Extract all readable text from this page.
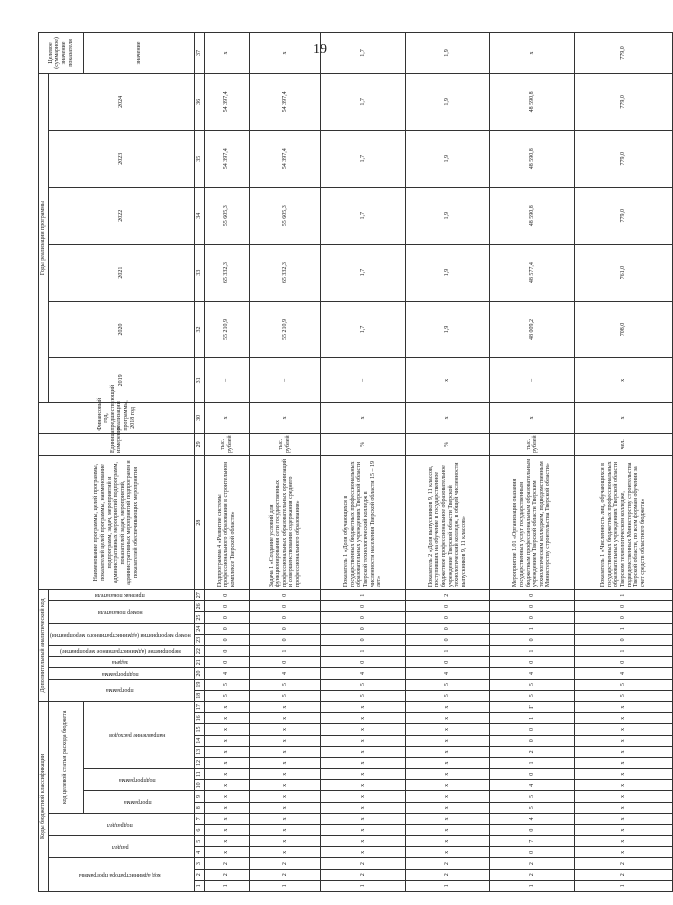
19
Коды бюджетной классификации																	Дополнительный аналитический код										Наименование программы, целей программы, показателей целей программы, наименование подпрограмм, задач, мероприятий и административных мероприятий подпрограмм, показателей задач, мероприятий, административных мероприятий подпрограмм и показателей обеспечивающих мероприятия	Единица измерения	Финансовый год, предшествующий реализации программы, 2018 год	Годы реализации программы						Целевое (суммарное) значение показателя
код администратора программы			раздел		подраздел		код целевой статьи расхода бюджета										программа		подпрограмма	задача	мероприятие (административное мероприятие)	номер мероприятия (административного мероприятия)		номер показателя		признак показателя				2019	2020	2021	2022	2023	2024	
							программа		подпрограмма		направление расходов																									значение
1	2	3	4	5	6	7	8	9	10	11	12	13	14	15	16	17	18	19	20	21	22	23	24	25	26	27	28	29	30	31	32	33	34	35	36	37
1	2	2	х	х	х	х	х	х	х	х	х	х	х	х	х	х	5	5	4	0	0	0	0	0	0	0	Подпрограмма 4 «Развитие системы профессионального образования в строительном комплексе Тверской области»	тыс. рублей	х	–	55 210,9	65 332,3	55 605,3	54 397,4	54 397,4	х
1	2	2	х	х	х	х	х	х	х	х	х	х	х	х	х	х	5	5	4	0	1	0	0	0	0	0	Задача 1 «Создание условий для функционирования сети государственных профессиональных образовательных организаций и совершенствования содержания среднего профессионального образования»	тыс. рублей	х	–	55 210,9	65 332,3	55 605,3	54 397,4	54 397,4	х
1	2	2	х	х	х	х	х	х	х	х	х	х	х	х	х	х	5	5	4	0	1	0	0	0	0	1	Показатель 1 «Доля обучающихся в государственных бюджетных профессиональных образовательных учреждениях Тверской области Тверской технологический колледж в численности населения Тверской области 15 – 19 лет»	%	х	–	1,7	1,7	1,7	1,7	1,7	1,7
1	2	2	х	х	х	х	х	х	х	х	х	х	х	х	х	х	5	5	4	0	1	0	0	0	0	2	Показатель 2 «Доля выпускников 9, 11 классов, поступивших на обучение в государственное бюджетное профессиональное образовательное учреждение Тверской области Тверской технологический колледж, в общей численности выпускников 9, 11 классов»	%	х	х	1,9	1,9	1,9	1,9	1,9	1,9
1	2	2	0	7	0	4	5	5	4	0	1	2	0	0	1	Г	5	5	4	0	1	0	1	0	0	0	Мероприятие 1.01 «Организация оказания государственных услуг государственным бюджетным профессиональным образовательным учреждением Тверской области Тверским технологическим колледжем, подведомственным Министерству строительства Тверской области»	тыс. рублей	х	–	48 009,2	48 577,4	48 590,8	48 590,8	48 590,8	х
1	2	2	х	х	х	х	х	х	х	х	х	х	х	х	х	х	5	5	4	0	1	0	1	0	0	1	Показатель 1 «Численность лиц, обучающихся в государственных бюджетных профессиональных образовательных учреждениях Тверской области Тверском технологическом колледже, подведомственных Министерству строительства Тверской области, по всем формам обучения за счет средств областного бюджета»	чел.	х	х	708,0	761,0	779,0	779,0	779,0	779,0
